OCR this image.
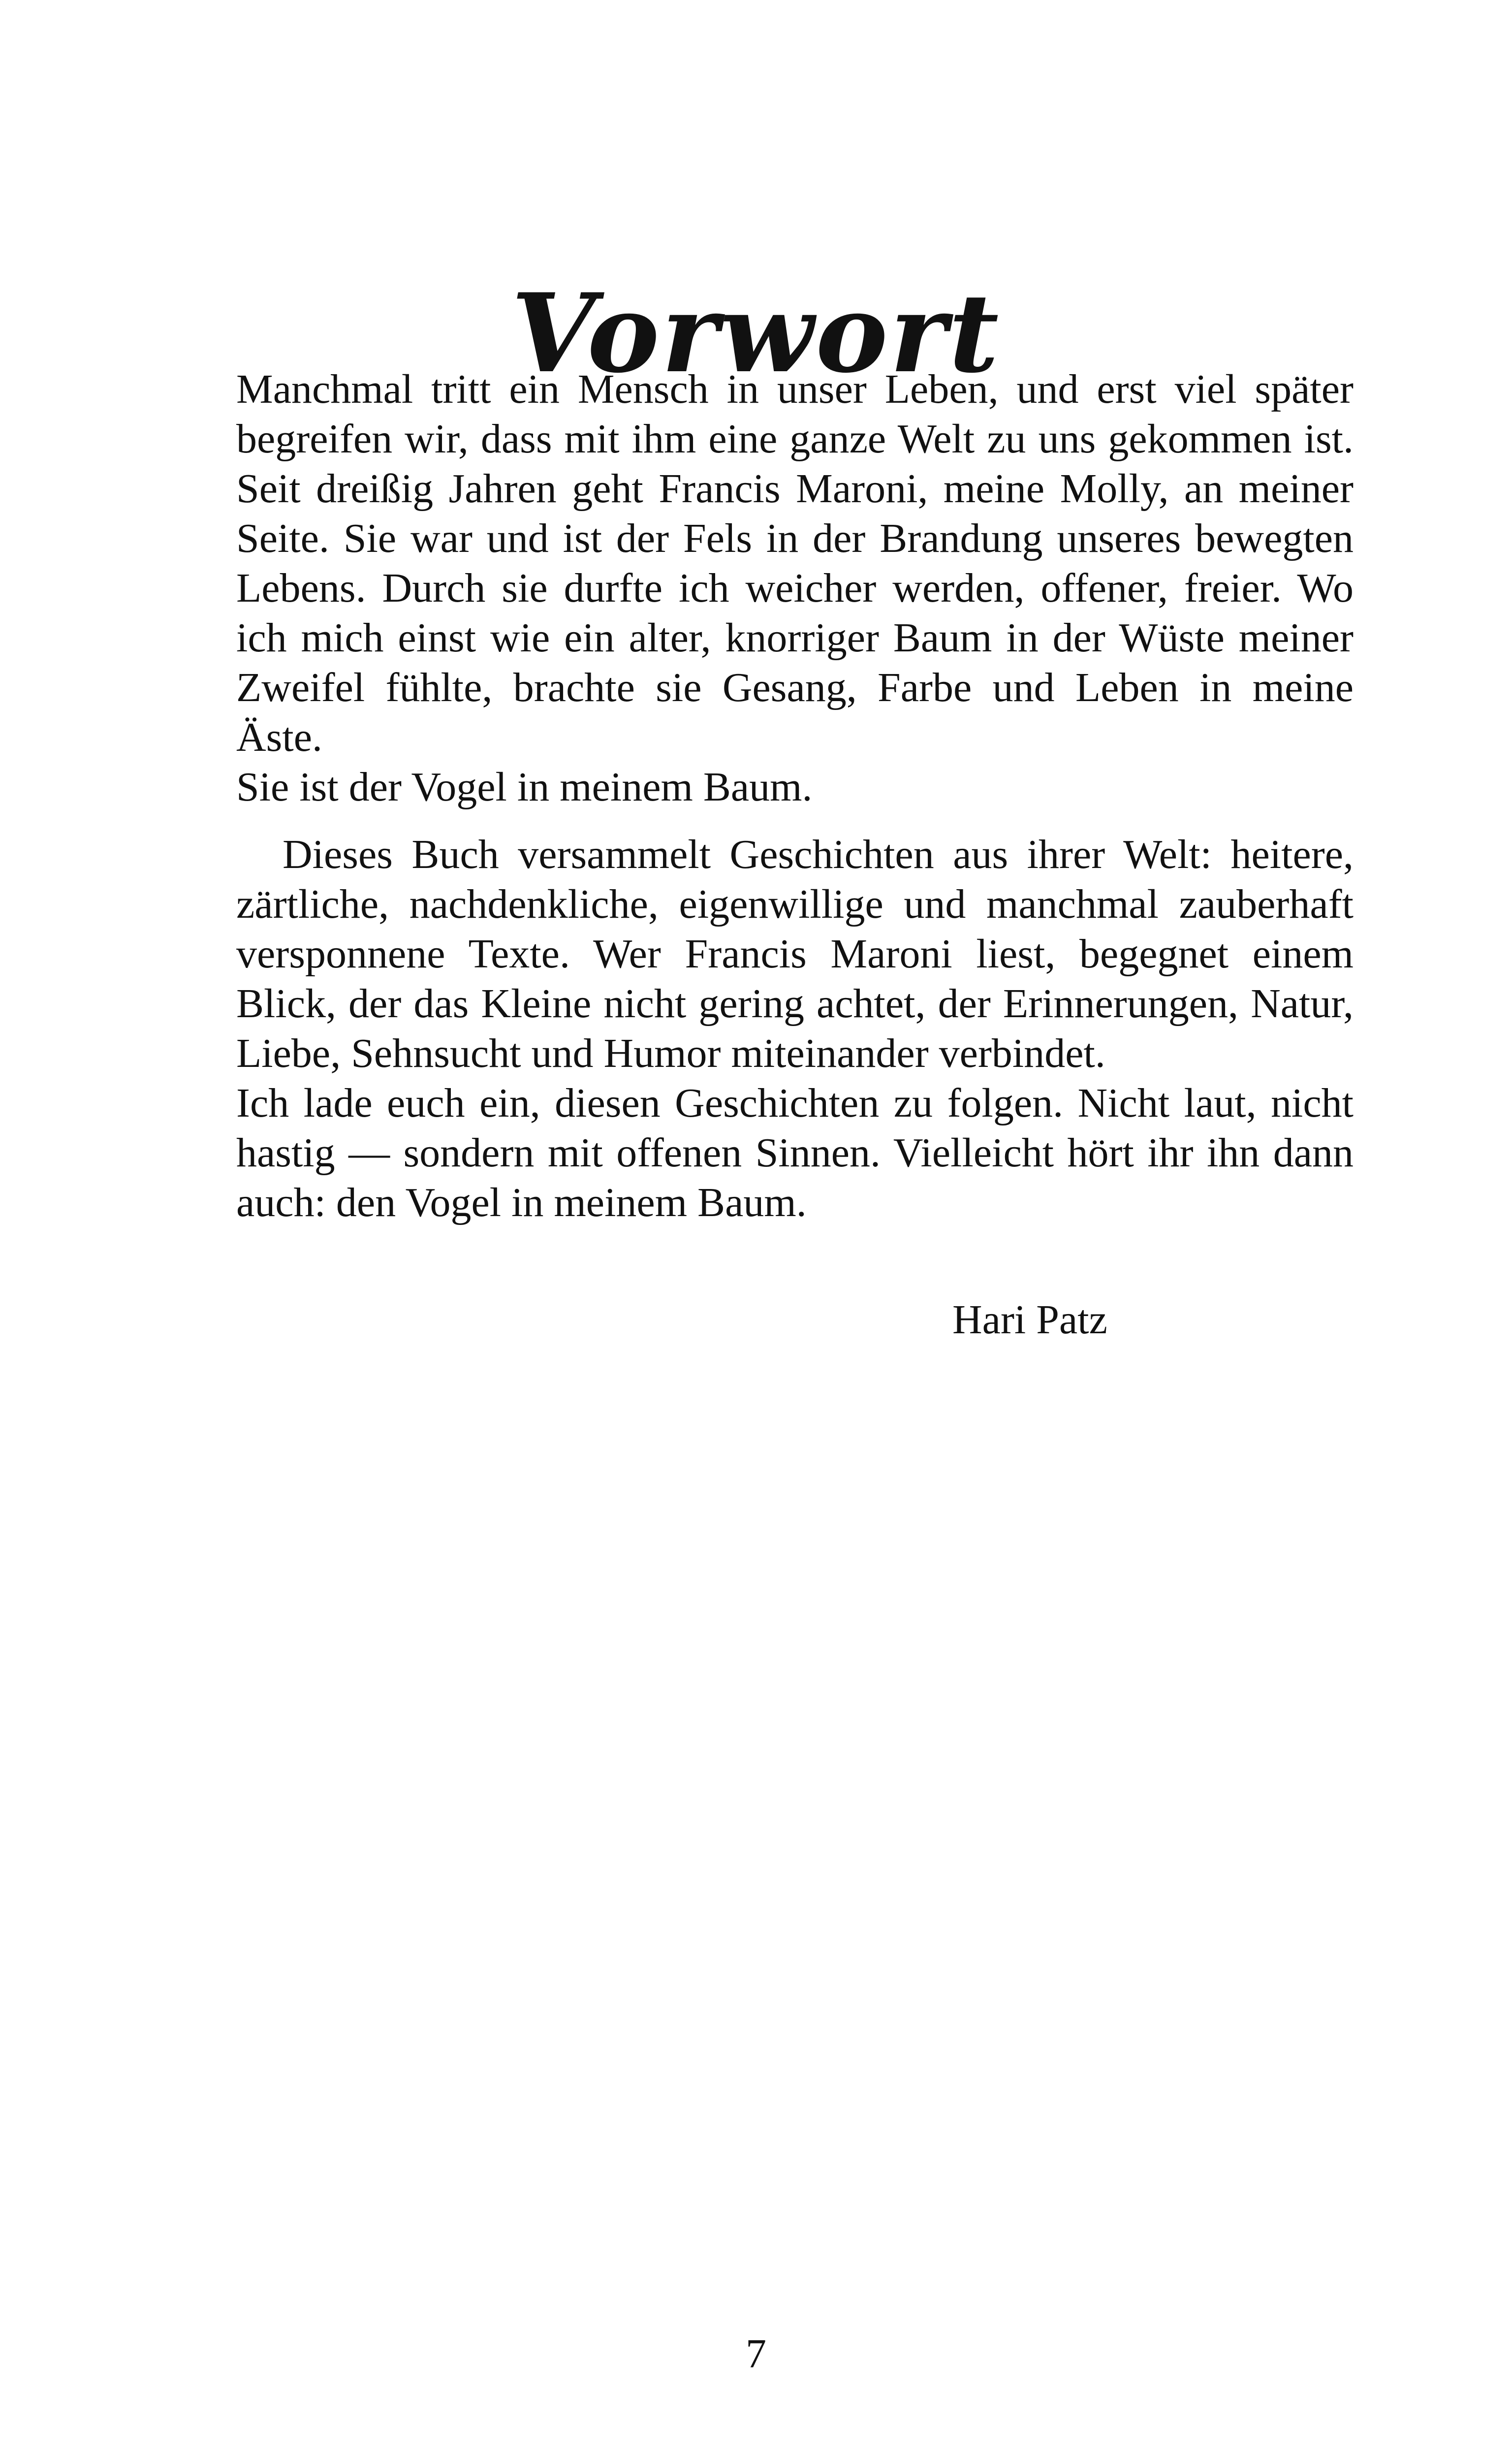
Vorwort

Manchmal tritt ein Mensch in unser Leben, und erst viel später begreifen wir, dass mit ihm eine ganze Welt zu uns gekommen ist. Seit dreißig Jahren geht Francis Maroni, meine Molly, an meiner Seite. Sie war und ist der Fels in der Brandung unseres bewegten Lebens. Durch sie durfte ich weicher werden, offener, freier. Wo ich mich einst wie ein alter, knorriger Baum in der Wüste meiner Zweifel fühlte, brachte sie Gesang, Farbe und Leben in meine Äste.
Sie ist der Vogel in meinem Baum.

Dieses Buch versammelt Geschichten aus ihrer Welt: heitere, zärtliche, nachdenkliche, eigenwillige und manchmal zauberhaft versponnene Texte. Wer Francis Maroni liest, begegnet einem Blick, der das Kleine nicht gering achtet, der Erinnerungen, Natur, Liebe, Sehnsucht und Humor miteinander verbindet.
Ich lade euch ein, diesen Geschichten zu folgen. Nicht laut, nicht hastig — sondern mit offenen Sinnen. Vielleicht hört ihr ihn dann auch: den Vogel in meinem Baum.

Hari Patz
7
